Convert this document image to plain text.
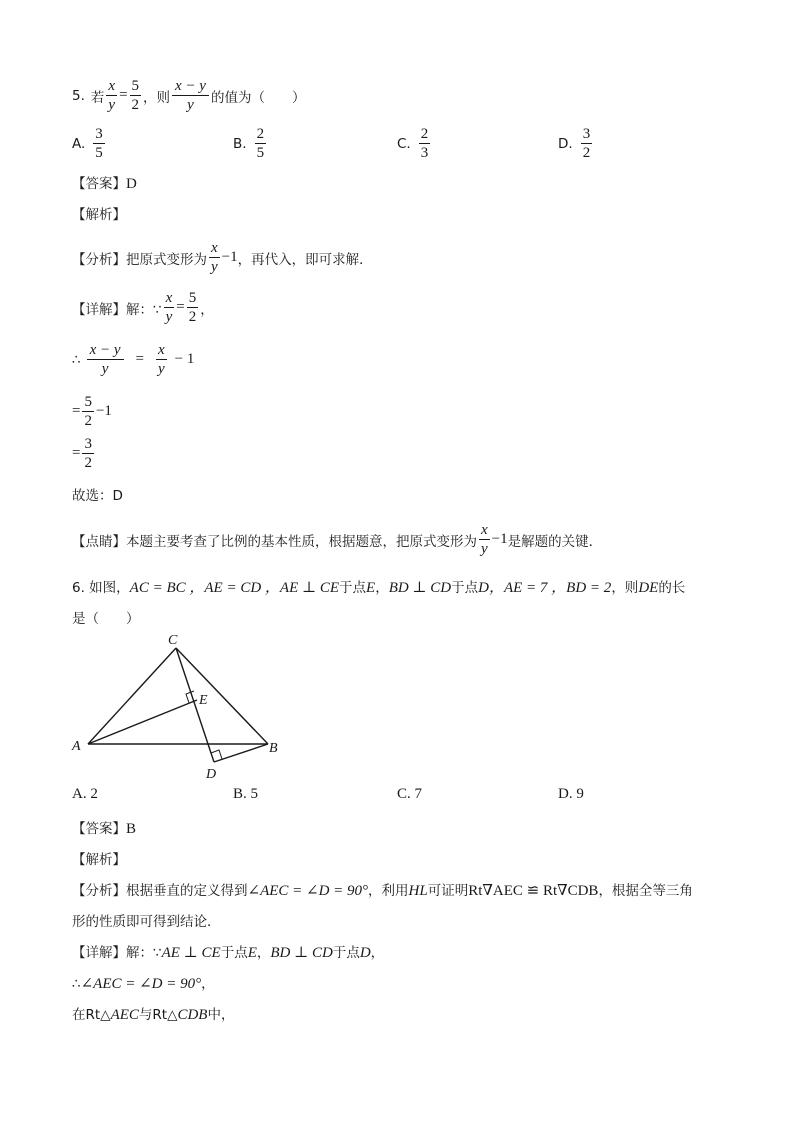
5. 若 $\frac{x}{y} = \frac{5}{2}$ ，则 $\frac{x - y}{y}$ 的值为（　　）
A. $\frac{3}{5}$	B. $\frac{2}{5}$	C. $\frac{2}{3}$	D. $\frac{3}{2}$
【答案】D
【解析】
【分析】 把原式变形为 $\frac{x}{y} -1$ ，再代入，即可求解．
【详解】 解：∵ $\frac{x}{y} = \frac{5}{2}$ ，
∴ $\frac{x - y}{y} = \frac{x}{y} - 1$
= $\frac{5}{2} -1$
= $\frac{3}{2}$
故选：D
【点睛】 本题主要考查了比例的基本性质，根据题意，把原式变形为 $\frac{x}{y} -1$ 是解题的关键．
6. 如图，AC = BC ，AE = CD ，AE ⊥ CE于点E，BD ⊥ CD于点D，AE = 7 ，BD = 2，则DE的长
是（　　）
C
E
A	B
D
A. 2	B. 5	C. 7	D. 9
【答案】B
【解析】
【分析】根据垂直的定义得到∠AEC = ∠D = 90°，利用HL可证明Rt∇AEC ≌ Rt∇CDB，根据全等三角
形的性质即可得到结论．
【详解】解：∵AE ⊥ CE于点E，BD ⊥ CD于点D，
∴∠AEC = ∠D = 90°，
在Rt△AEC与Rt△CDB中，
